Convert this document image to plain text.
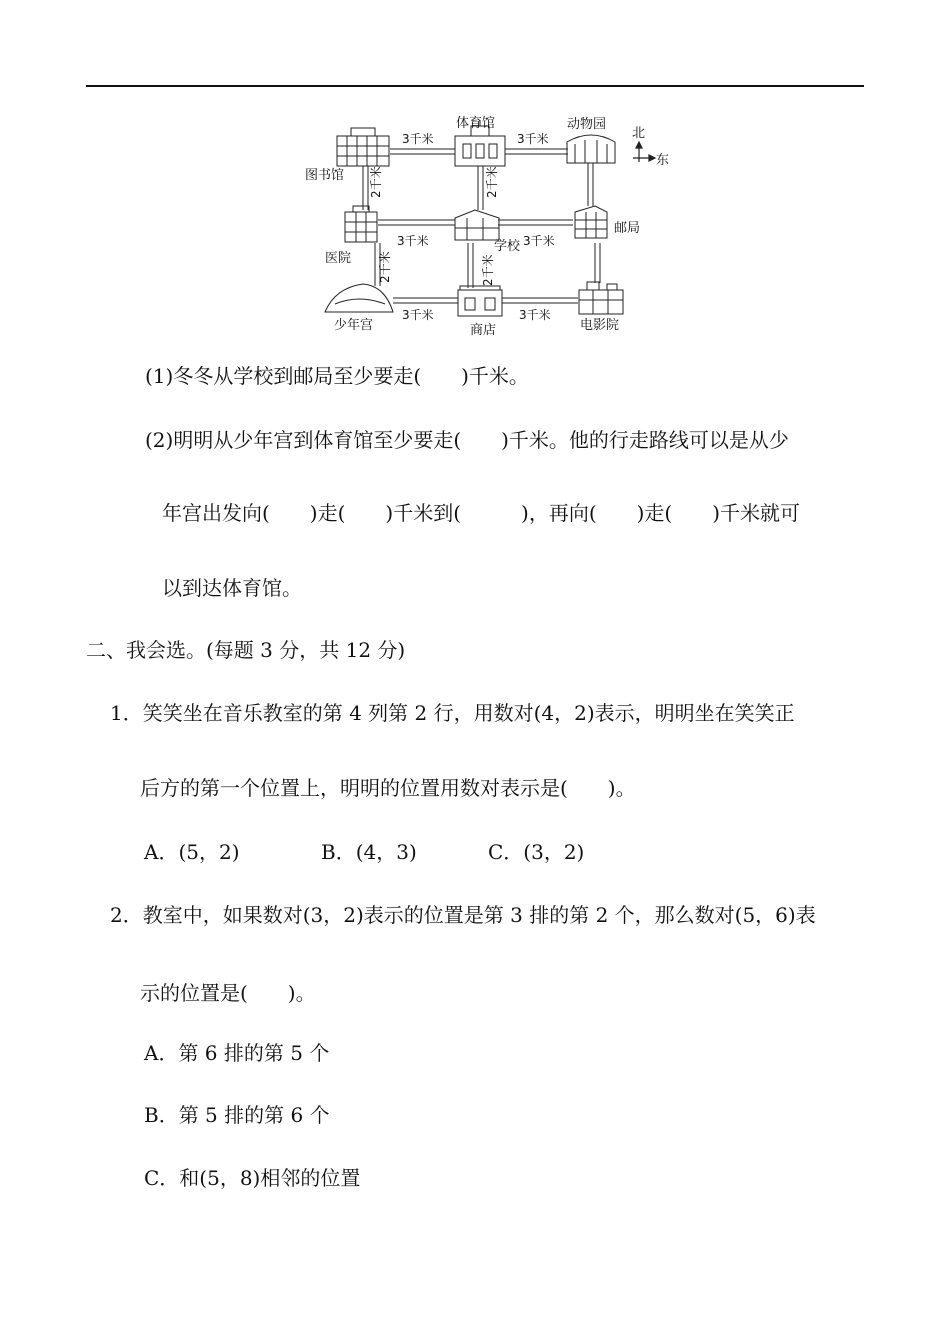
北
东
图书馆
体育馆	动物园
医院
学校
邮局
少年宫	商店	电影院
3千米	3千米
2千米	2千米
3千米	3千米
2千米	2千米
3千米	3千米
(1)冬冬从学校到邮局至少要走(　　)千米。
(2)明明从少年宫到体育馆至少要走(　　)千米。他的行走路线可以是从少
年宫出发向(　　)走(　　)千米到(　　　)，再向(　　)走(　　)千米就可
以到达体育馆。
二、我会选。(每题 3 分，共 12 分)
1．笑笑坐在音乐教室的第 4 列第 2 行，用数对(4，2)表示，明明坐在笑笑正
后方的第一个位置上，明明的位置用数对表示是(　　)。
A．(5，2)	B．(4，3)	C．(3，2)
2．教室中，如果数对(3，2)表示的位置是第 3 排的第 2 个，那么数对(5，6)表
示的位置是(　　)。
A．第 6 排的第 5 个
B．第 5 排的第 6 个
C．和(5，8)相邻的位置
